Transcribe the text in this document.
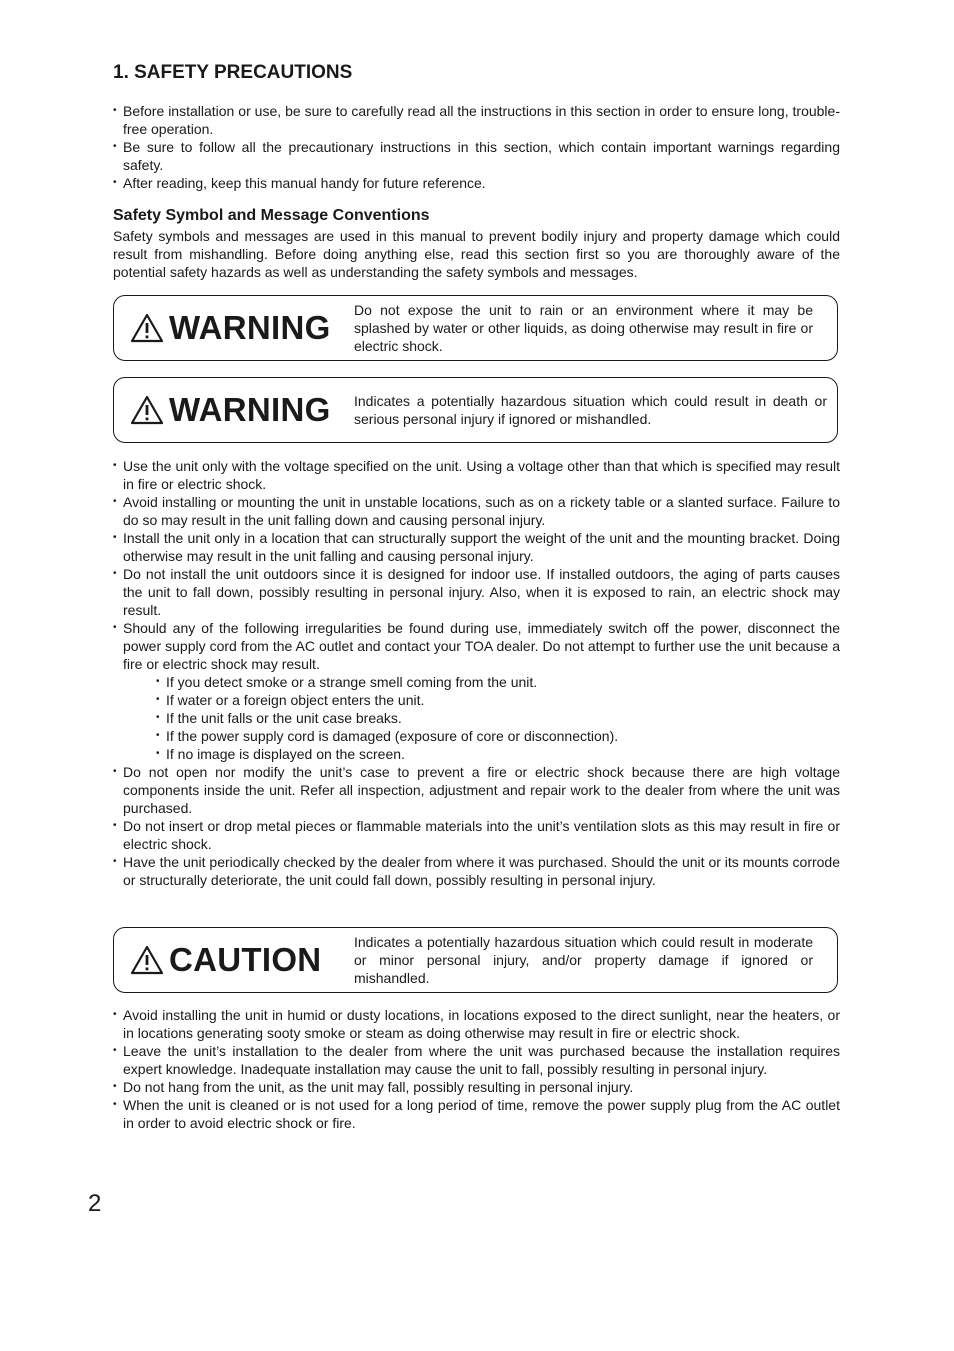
1. SAFETY PRECAUTIONS
• Before installation or use, be sure to carefully read all the instructions in this section in order to ensure long, trouble-free operation.
• Be sure to follow all the precautionary instructions in this section, which contain important warnings regarding safety.
• After reading, keep this manual handy for future reference.
Safety Symbol and Message Conventions

Safety symbols and messages are used in this manual to prevent bodily injury and property damage which could result from mishandling. Before doing anything else, read this section first so you are thoroughly aware of the potential safety hazards as well as understanding the safety symbols and messages.

WARNING Do not expose the unit to rain or an environment where it may be splashed by water or other liquids, as doing otherwise may result in fire or electric shock.
WARNING Indicates a potentially hazardous situation which could result in death or serious personal injury if ignored or mishandled.
• Use the unit only with the voltage specified on the unit. Using a voltage other than that which is specified may result in fire or electric shock.
• Avoid installing or mounting the unit in unstable locations, such as on a rickety table or a slanted surface. Failure to do so may result in the unit falling down and causing personal injury.
• Install the unit only in a location that can structurally support the weight of the unit and the mounting bracket. Doing otherwise may result in the unit falling and causing personal injury.
• Do not install the unit outdoors since it is designed for indoor use. If installed outdoors, the aging of parts causes the unit to fall down, possibly resulting in personal injury. Also, when it is exposed to rain, an electric shock may result.
• Should any of the following irregularities be found during use, immediately switch off the power, disconnect the power supply cord from the AC outlet and contact your TOA dealer. Do not attempt to further use the unit because a fire or electric shock may result.
• If you detect smoke or a strange smell coming from the unit.
• If water or a foreign object enters the unit.
• If the unit falls or the unit case breaks.
• If the power supply cord is damaged (exposure of core or disconnection).
• If no image is displayed on the screen.
• Do not open nor modify the unit’s case to prevent a fire or electric shock because there are high voltage components inside the unit. Refer all inspection, adjustment and repair work to the dealer from where the unit was purchased.
• Do not insert or drop metal pieces or flammable materials into the unit’s ventilation slots as this may result in fire or electric shock.
• Have the unit periodically checked by the dealer from where it was purchased. Should the unit or its mounts corrode or structurally deteriorate, the unit could fall down, possibly resulting in personal injury.
CAUTION Indicates a potentially hazardous situation which could result in moderate or minor personal injury, and/or property damage if ignored or mishandled.
• Avoid installing the unit in humid or dusty locations, in locations exposed to the direct sunlight, near the heaters, or in locations generating sooty smoke or steam as doing otherwise may result in fire or electric shock.
• Leave the unit’s installation to the dealer from where the unit was purchased because the installation requires expert knowledge. Inadequate installation may cause the unit to fall, possibly resulting in personal injury.
• Do not hang from the unit, as the unit may fall, possibly resulting in personal injury.
• When the unit is cleaned or is not used for a long period of time, remove the power supply plug from the AC outlet in order to avoid electric shock or fire.
2
